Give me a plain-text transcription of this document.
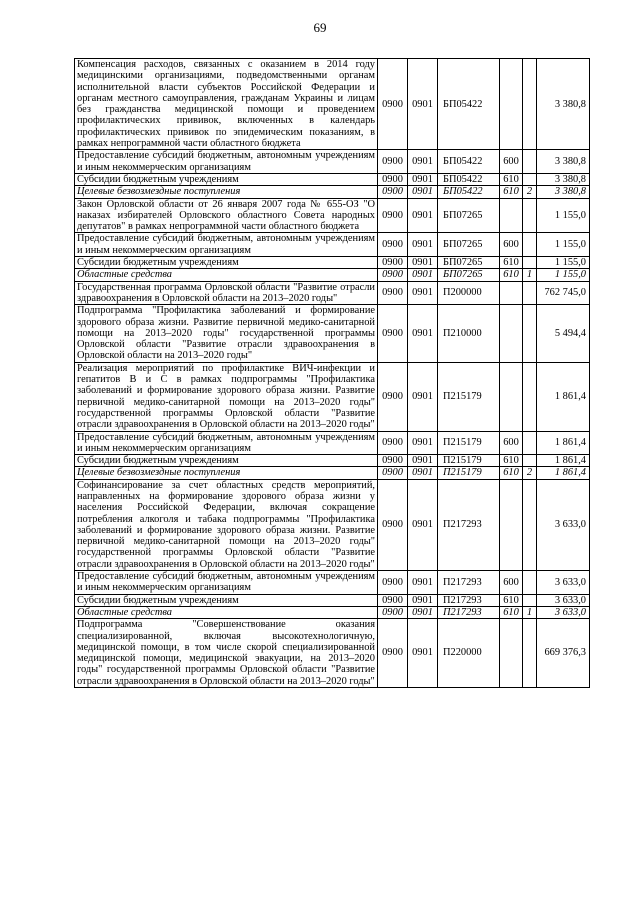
69
Компенсация расходов, связанных с оказанием в 2014 году медицинскими организациями, подведомственными органам исполнительной власти субъектов Российской Федерации и органам местного самоуправления, гражданам Украины и лицам без гражданства медицинской помощи и проведением профилактических прививок, включенных в календарь профилактических прививок по эпидемическим показаниям, в рамках непрограммной части областного бюджета	0900	0901	БП05422			3 380,8
Предоставление субсидий бюджетным, автономным учреждениям и иным некоммерческим организациям	0900	0901	БП05422	600		3 380,8
Субсидии бюджетным учреждениям	0900	0901	БП05422	610		3 380,8
Целевые безвозмездные поступления	0900	0901	БП05422	610	2	3 380,8
Закон Орловской области от 26 января 2007 года № 655-ОЗ "О наказах избирателей Орловского областного Совета народных депутатов" в рамках непрограммной части областного бюджета	0900	0901	БП07265			1 155,0
Предоставление субсидий бюджетным, автономным учреждениям и иным некоммерческим организациям	0900	0901	БП07265	600		1 155,0
Субсидии бюджетным учреждениям	0900	0901	БП07265	610		1 155,0
Областные средства	0900	0901	БП07265	610	1	1 155,0
Государственная программа Орловской области "Развитие отрасли здравоохранения в Орловской области на 2013–2020 годы"	0900	0901	П200000			762 745,0
Подпрограмма "Профилактика заболеваний и формирование здорового образа жизни. Развитие первичной медико-санитарной помощи на 2013–2020 годы" государственной программы Орловской области "Развитие отрасли здравоохранения в Орловской области на 2013–2020 годы"	0900	0901	П210000			5 494,4
Реализация мероприятий по профилактике ВИЧ-инфекции и гепатитов В и С в рамках подпрограммы "Профилактика заболеваний и формирование здорового образа жизни. Развитие первичной медико-санитарной помощи на 2013–2020 годы" государственной программы Орловской области "Развитие отрасли здравоохранения в Орловской области на 2013–2020 годы"	0900	0901	П215179			1 861,4
Предоставление субсидий бюджетным, автономным учреждениям и иным некоммерческим организациям	0900	0901	П215179	600		1 861,4
Субсидии бюджетным учреждениям	0900	0901	П215179	610		1 861,4
Целевые безвозмездные поступления	0900	0901	П215179	610	2	1 861,4
Софинансирование за счет областных средств мероприятий, направленных на формирование здорового образа жизни у населения Российской Федерации, включая сокращение потребления алкоголя и табака подпрограммы "Профилактика заболеваний и формирование здорового образа жизни. Развитие первичной медико-санитарной помощи на 2013–2020 годы" государственной программы Орловской области "Развитие отрасли здравоохранения в Орловской области на 2013–2020 годы"	0900	0901	П217293			3 633,0
Предоставление субсидий бюджетным, автономным учреждениям и иным некоммерческим организациям	0900	0901	П217293	600		3 633,0
Субсидии бюджетным учреждениям	0900	0901	П217293	610		3 633,0
Областные средства	0900	0901	П217293	610	1	3 633,0
Подпрограмма "Совершенствование оказания специализированной, включая высокотехнологичную, медицинской помощи, в том числе скорой специализированной медицинской помощи, медицинской эвакуации, на 2013–2020 годы" государственной программы Орловской области "Развитие отрасли здравоохранения в Орловской области на 2013–2020 годы"	0900	0901	П220000			669 376,3
